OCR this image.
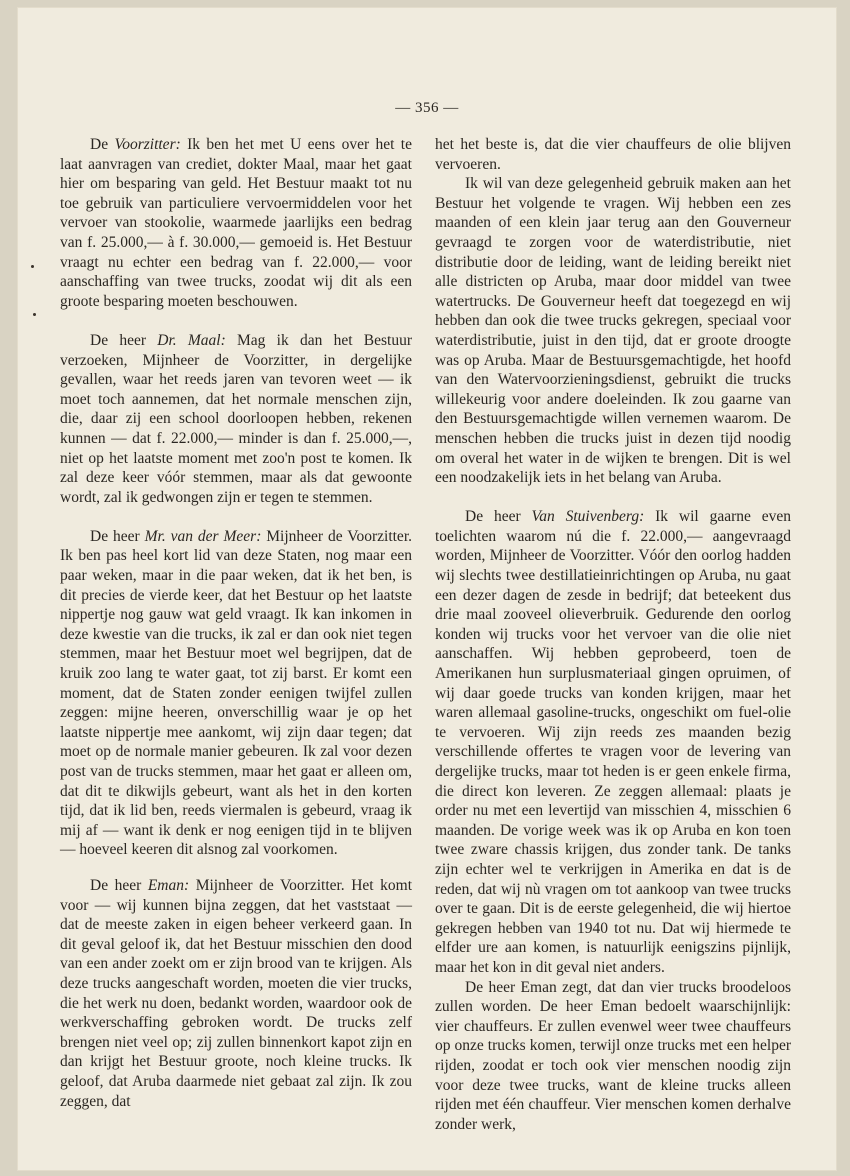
— 356 —

De Voorzitter: Ik ben het met U eens over het te laat aanvragen van crediet, dokter Maal, maar het gaat hier om besparing van geld. Het Bestuur maakt tot nu toe gebruik van particuliere vervoermiddelen voor het vervoer van stookolie, waarmede jaarlijks een bedrag van f. 25.000,— à f. 30.000,— gemoeid is. Het Bestuur vraagt nu echter een bedrag van f. 22.000,— voor aanschaffing van twee trucks, zoodat wij dit als een groote besparing moeten beschouwen.

De heer Dr. Maal: Mag ik dan het Bestuur verzoeken, Mijnheer de Voorzitter, in dergelijke gevallen, waar het reeds jaren van tevoren weet — ik moet toch aannemen, dat het normale menschen zijn, die, daar zij een school doorloopen hebben, rekenen kunnen — dat f. 22.000,— minder is dan f. 25.000,—, niet op het laatste moment met zoo'n post te komen. Ik zal deze keer vóór stemmen, maar als dat gewoonte wordt, zal ik gedwongen zijn er tegen te stemmen.

De heer Mr. van der Meer: Mijnheer de Voorzitter. Ik ben pas heel kort lid van deze Staten, nog maar een paar weken, maar in die paar weken, dat ik het ben, is dit precies de vierde keer, dat het Bestuur op het laatste nippertje nog gauw wat geld vraagt. Ik kan inkomen in deze kwestie van die trucks, ik zal er dan ook niet tegen stemmen, maar het Bestuur moet wel begrijpen, dat de kruik zoo lang te water gaat, tot zij barst. Er komt een moment, dat de Staten zonder eenigen twijfel zullen zeggen: mijne heeren, onverschillig waar je op het laatste nippertje mee aankomt, wij zijn daar tegen; dat moet op de normale manier gebeuren. Ik zal voor dezen post van de trucks stemmen, maar het gaat er alleen om, dat dit te dikwijls gebeurt, want als het in den korten tijd, dat ik lid ben, reeds viermalen is gebeurd, vraag ik mij af — want ik denk er nog eenigen tijd in te blijven — hoeveel keeren dit alsnog zal voorkomen.

De heer Eman: Mijnheer de Voorzitter. Het komt voor — wij kunnen bijna zeggen, dat het vaststaat — dat de meeste zaken in eigen beheer verkeerd gaan. In dit geval geloof ik, dat het Bestuur misschien den dood van een ander zoekt om er zijn brood van te krijgen. Als deze trucks aangeschaft worden, moeten die vier trucks, die het werk nu doen, bedankt worden, waardoor ook de werkverschaffing gebroken wordt. De trucks zelf brengen niet veel op; zij zullen binnenkort kapot zijn en dan krijgt het Bestuur groote, noch kleine trucks. Ik geloof, dat Aruba daarmede niet gebaat zal zijn. Ik zou zeggen, dat

het het beste is, dat die vier chauffeurs de olie blijven vervoeren.

Ik wil van deze gelegenheid gebruik maken aan het Bestuur het volgende te vragen. Wij hebben een zes maanden of een klein jaar terug aan den Gouverneur gevraagd te zorgen voor de waterdistributie, niet distributie door de leiding, want de leiding bereikt niet alle districten op Aruba, maar door middel van twee watertrucks. De Gouverneur heeft dat toegezegd en wij hebben dan ook die twee trucks gekregen, speciaal voor waterdistributie, juist in den tijd, dat er groote droogte was op Aruba. Maar de Bestuursgemachtigde, het hoofd van den Watervoorzieningsdienst, gebruikt die trucks willekeurig voor andere doeleinden. Ik zou gaarne van den Bestuursgemachtigde willen vernemen waarom. De menschen hebben die trucks juist in dezen tijd noodig om overal het water in de wijken te brengen. Dit is wel een noodzakelijk iets in het belang van Aruba.

De heer Van Stuivenberg: Ik wil gaarne even toelichten waarom nú die f. 22.000,— aangevraagd worden, Mijnheer de Voorzitter. Vóór den oorlog hadden wij slechts twee destillatieinrichtingen op Aruba, nu gaat een dezer dagen de zesde in bedrijf; dat beteekent dus drie maal zooveel olieverbruik. Gedurende den oorlog konden wij trucks voor het vervoer van die olie niet aanschaffen. Wij hebben geprobeerd, toen de Amerikanen hun surplusmateriaal gingen opruimen, of wij daar goede trucks van konden krijgen, maar het waren allemaal gasoline-trucks, ongeschikt om fuel-olie te vervoeren. Wij zijn reeds zes maanden bezig verschillende offertes te vragen voor de levering van dergelijke trucks, maar tot heden is er geen enkele firma, die direct kon leveren. Ze zeggen allemaal: plaats je order nu met een levertijd van misschien 4, misschien 6 maanden. De vorige week was ik op Aruba en kon toen twee zware chassis krijgen, dus zonder tank. De tanks zijn echter wel te verkrijgen in Amerika en dat is de reden, dat wij nù vragen om tot aankoop van twee trucks over te gaan. Dit is de eerste gelegenheid, die wij hiertoe gekregen hebben van 1940 tot nu. Dat wij hiermede te elfder ure aan komen, is natuurlijk eenigszins pijnlijk, maar het kon in dit geval niet anders.

De heer Eman zegt, dat dan vier trucks broodeloos zullen worden. De heer Eman bedoelt waarschijnlijk: vier chauffeurs. Er zullen evenwel weer twee chauffeurs op onze trucks komen, terwijl onze trucks met een helper rijden, zoodat er toch ook vier menschen noodig zijn voor deze twee trucks, want de kleine trucks alleen rijden met één chauffeur. Vier menschen komen derhalve zonder werk,
